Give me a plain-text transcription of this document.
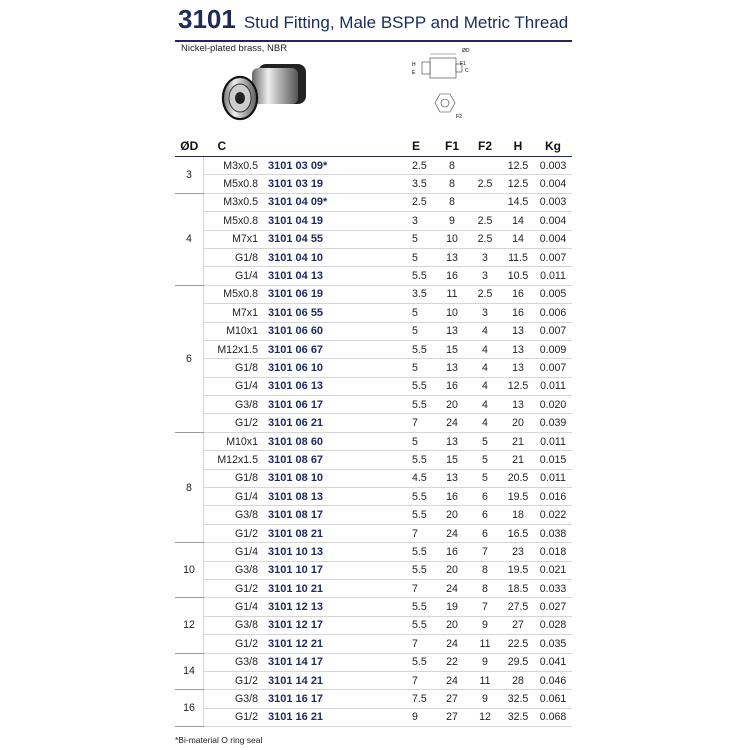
3101 Stud Fitting, Male BSPP and Metric Thread
Nickel-plated brass, NBR	ØD
F1
C
H
E
F2
ØD	C		E	F1	F2	H	Kg
3	M3x0.5	3101 03 09*	2.5	8		12.5	0.003
	M5x0.8	3101 03 19	3.5	8	2.5	12.5	0.004
4	M3x0.5	3101 04 09*	2.5	8		14.5	0.003
	M5x0.8	3101 04 19	3	9	2.5	14	0.004
	M7x1	3101 04 55	5	10	2.5	14	0.004
	G1/8	3101 04 10	5	13	3	11.5	0.007
	G1/4	3101 04 13	5.5	16	3	10.5	0.011
6	M5x0.8	3101 06 19	3.5	11	2.5	16	0.005
	M7x1	3101 06 55	5	10	3	16	0.006
	M10x1	3101 06 60	5	13	4	13	0.007
	M12x1.5	3101 06 67	5.5	15	4	13	0.009
	G1/8	3101 06 10	5	13	4	13	0.007
	G1/4	3101 06 13	5.5	16	4	12.5	0.011
	G3/8	3101 06 17	5.5	20	4	13	0.020
	G1/2	3101 06 21	7	24	4	20	0.039
8	M10x1	3101 08 60	5	13	5	21	0.011
	M12x1.5	3101 08 67	5.5	15	5	21	0.015
	G1/8	3101 08 10	4.5	13	5	20.5	0.011
	G1/4	3101 08 13	5.5	16	6	19.5	0.016
	G3/8	3101 08 17	5.5	20	6	18	0.022
	G1/2	3101 08 21	7	24	6	16.5	0.038
10	G1/4	3101 10 13	5.5	16	7	23	0.018
	G3/8	3101 10 17	5.5	20	8	19.5	0.021
	G1/2	3101 10 21	7	24	8	18.5	0.033
12	G1/4	3101 12 13	5.5	19	7	27.5	0.027
	G3/8	3101 12 17	5.5	20	9	27	0.028
	G1/2	3101 12 21	7	24	11	22.5	0.035
14	G3/8	3101 14 17	5.5	22	9	29.5	0.041
	G1/2	3101 14 21	7	24	11	28	0.046
16	G3/8	3101 16 17	7.5	27	9	32.5	0.061
	G1/2	3101 16 21	9	27	12	32.5	0.068
*Bi-material O ring seal
